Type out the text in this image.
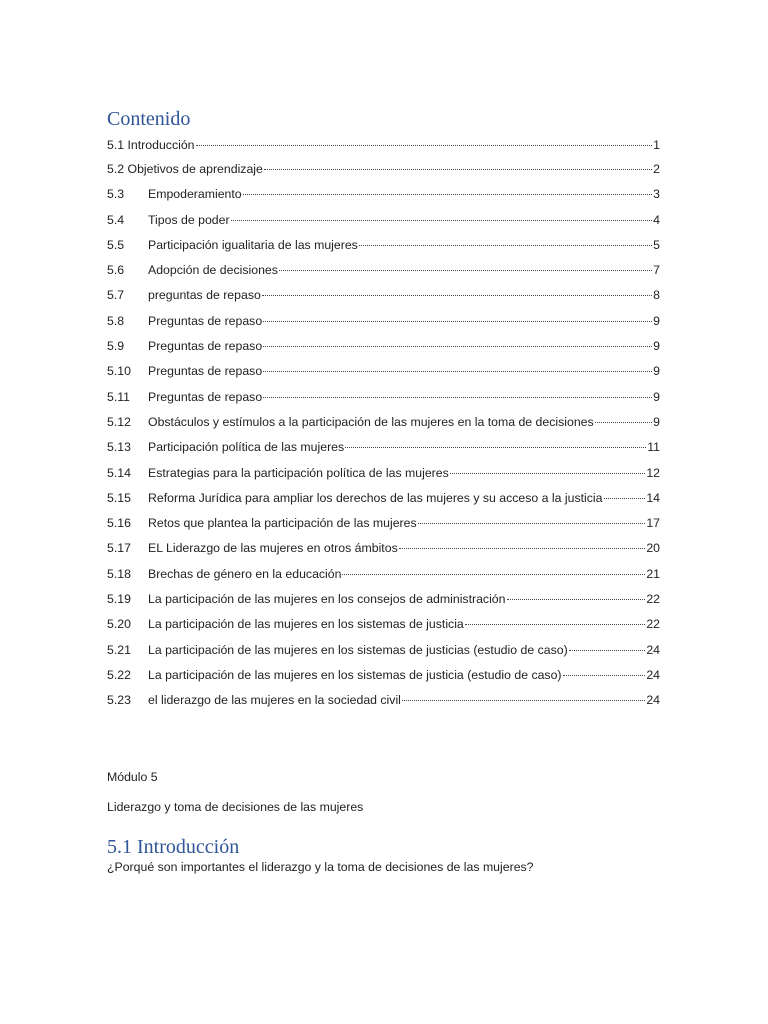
Contenido
5.1 Introducción	1
5.2 Objetivos de aprendizaje	2
5.3	Empoderamiento	3
5.4	Tipos de poder	4
5.5	Participación igualitaria de las mujeres	5
5.6	Adopción de decisiones	7
5.7	preguntas de repaso	8
5.8	Preguntas de repaso	9
5.9	Preguntas de repaso	9
5.10	Preguntas de repaso	9
5.11	Preguntas de repaso	9
5.12	Obstáculos y estímulos a la participación de las mujeres en la toma de decisiones	9
5.13	Participación política de las mujeres	11
5.14	Estrategias para la participación política de las mujeres	12
5.15	Reforma Jurídica para ampliar los derechos de las mujeres y su acceso a la justicia	14
5.16	Retos que plantea la participación de las mujeres	17
5.17	EL Liderazgo de las mujeres en otros ámbitos	20
5.18	Brechas de género en la educación	21
5.19	La participación de las mujeres en los consejos de administración	22
5.20	La participación de las mujeres en los sistemas de justicia	22
5.21	La participación de las mujeres en los sistemas de justicias (estudio de caso)	24
5.22	La participación de las mujeres en los sistemas de justicia (estudio de caso)	24
5.23	el liderazgo de las mujeres en la sociedad civil	24
Módulo 5
Liderazgo y toma de decisiones de las mujeres
5.1 Introducción
¿Porqué son importantes el liderazgo y la toma de decisiones de las mujeres?
